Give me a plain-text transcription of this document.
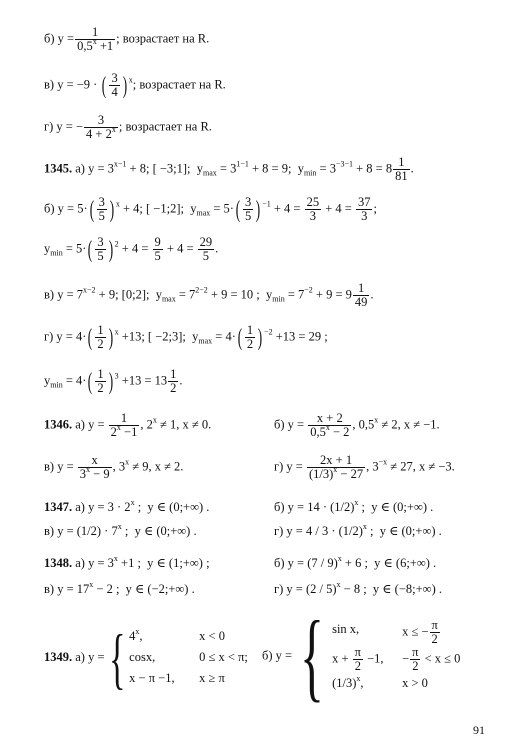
б) $y = \frac{1}{0,5^x +1}$ ; возрастает на R.
в) y = −9 · ( $\frac{3}{4}$ ) $^x$; возрастает на R.
г) y = − $\frac{3}{4 + 2^x}$ ; возрастает на R.
1345. а) $y = 3^{x-1} + 8$; [ −3;1];  $y_{max} = 3^{1-1} + 8 = 9$;  $y_{min} = 3^{-3-1} + 8 = 8 \frac{1}{81}$ .
б) $y = 5\cdot( \frac{3}{5}$ ) $^x$ + 4; [ −1;2];  $y_{max} = 5\cdot( \frac{3}{5}$ ) $^{-1} + 4 = \frac{25}{3} + 4 = \frac{37}{3}$ ;
$y_{min} = 5\cdot( \frac{3}{5}$ ) $^2 + 4 = \frac{9}{5} + 4 = \frac{29}{5}$ .
в) $y = 7^{x-2} + 9$; [0;2];  $y_{max} = 7^{2-2} + 9 = 10$ ;  $y_{min} = 7^{-2} + 9 = 9 \frac{1}{49}$ .
г) $y = 4\cdot( \frac{1}{2}$ ) $^x$ +13; [ −2;3];  $y_{max} = 4\cdot( \frac{1}{2}$ ) $^{-2}$ +13 = 29 ;
$y_{min} = 4\cdot( \frac{1}{2}$ ) $^3 +13 = 13 \frac{1}{2}$ .
1346. а) $y = \frac{1}{2^x -1}$ , $2^x \ne 1$, x ≠ 0.	б) $y = \frac{x + 2}{0,5^x - 2}$ , $0,5^x \ne 2$, x ≠ −1.
в) $y = \frac{x}{3^x - 9}$ , $3^x \ne 9$, x ≠ 2.	г) $y = \frac{2x + 1}{(1/3)^x - 27}$ , $3^{-x} \ne 27$, x ≠ −3.
1347. а) $y = 3 \cdot 2^x$ ;  y ∈ (0;+∞) .	б) $y = 14 \cdot (1/2)^x$ ;  y ∈ (0;+∞) .
в) $y = (1/2) \cdot 7^x$ ;  y ∈ (0;+∞) .	г) $y = 4 / 3 \cdot (1/2)^x$ ;  y ∈ (0;+∞) .
1348. а) $y = 3^x +1$ ;  y ∈ (1;+∞) ;	б) y = (7 / 9)$^x$ + 6 ;  y ∈ (6;+∞) .
в) $y = 17^x - 2$ ;  y ∈ (−2;+∞) .	г) y = (2 / 5)$^x$ − 8 ;  y ∈ (−8;+∞) .
1349. а) y ={ 4$^x$,	x < 0
cosx,	0 ≤ x < π;
x − π −1,	x ≥ π
б) y ={ sin x,	x ≤ − $\frac{\pi}{2}$
$x + \frac{\pi}{2} -1$,	− $\frac{\pi}{2} < x \le 0$
$(1/3)^x$,	x > 0
91
